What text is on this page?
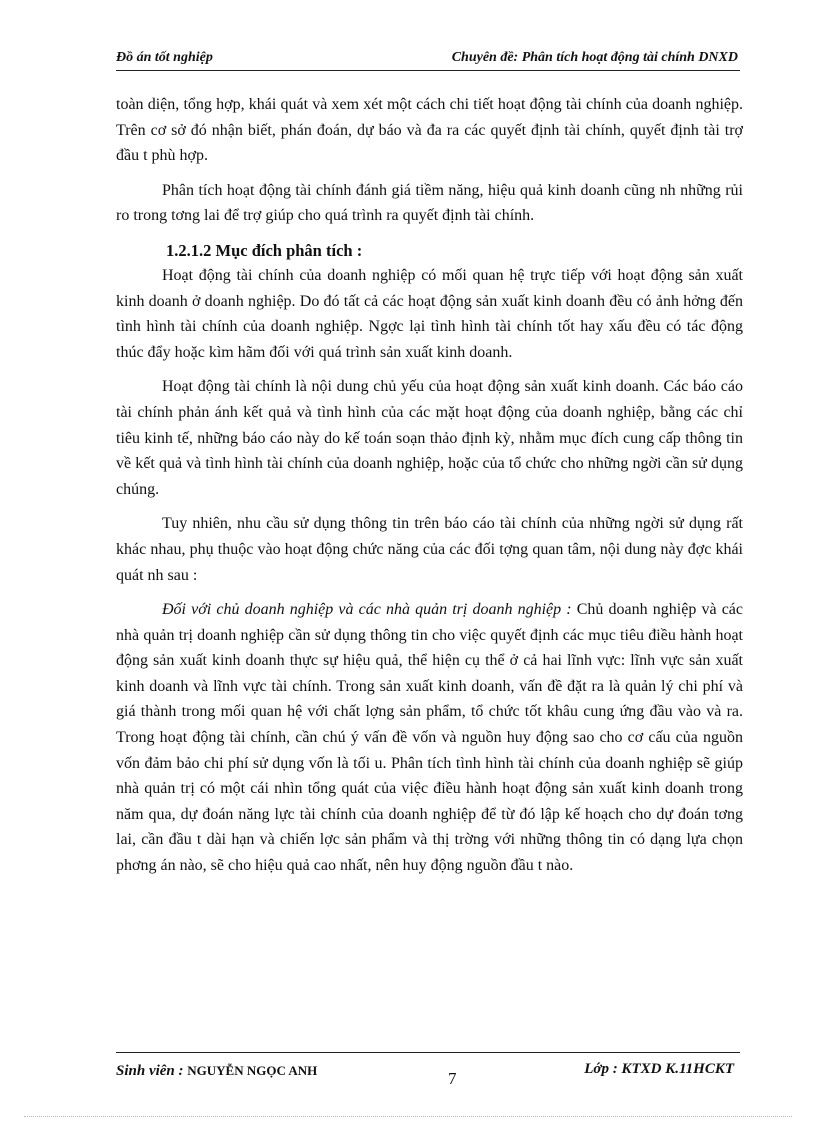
Đồ án tốt nghiệp	Chuyên đề: Phân tích hoạt động tài chính DNXD

toàn diện, tổng hợp, khái quát và xem xét một cách chi tiết hoạt động tài chính của doanh nghiệp. Trên cơ sở đó nhận biết, phán đoán, dự báo và đa ra các quyết định tài chính, quyết định tài trợ đầu t phù hợp.

Phân tích hoạt động tài chính đánh giá tiềm năng, hiệu quả kinh doanh cũng nh những rủi ro trong tơng lai để trợ giúp cho quá trình ra quyết định tài chính.

1.2.1.2 Mục đích phân tích :

Hoạt động tài chính của doanh nghiệp có mối quan hệ trực tiếp với hoạt động sản xuất kinh doanh ở doanh nghiệp. Do đó tất cả các hoạt động sản xuất kinh doanh đều có ảnh hởng đến tình hình tài chính của doanh nghiệp. Ngợc lại tình hình tài chính tốt hay xấu đều có tác động thúc đẩy hoặc kìm hãm đối với quá trình sản xuất kinh doanh.

Hoạt động tài chính là nội dung chủ yếu của hoạt động sản xuất kinh doanh. Các báo cáo tài chính phản ánh kết quả và tình hình của các mặt hoạt động của doanh nghiệp, bằng các chỉ tiêu kinh tế, những báo cáo này do kế toán soạn thảo định kỳ, nhằm mục đích cung cấp thông tin về kết quả và tình hình tài chính của doanh nghiệp, hoặc của tổ chức cho những ngời cần sử dụng chúng.

Tuy nhiên, nhu cầu sử dụng thông tin trên báo cáo tài chính của những ngời sử dụng rất khác nhau, phụ thuộc vào hoạt động chức năng của các đối tợng quan tâm, nội dung này đợc khái quát nh sau :

Đối với chủ doanh nghiệp và các nhà quản trị doanh nghiệp : Chủ doanh nghiệp và các nhà quản trị doanh nghiệp cần sử dụng thông tin cho việc quyết định các mục tiêu điều hành hoạt động sản xuất kinh doanh thực sự hiệu quả, thể hiện cụ thể ở cả hai lĩnh vực: lĩnh vực sản xuất kinh doanh và lĩnh vực tài chính. Trong sản xuất kinh doanh, vấn đề đặt ra là quản lý chi phí và giá thành trong mối quan hệ với chất lợng sản phẩm, tổ chức tốt khâu cung ứng đầu vào và ra. Trong hoạt động tài chính, cần chú ý vấn đề vốn và nguồn huy động sao cho cơ cấu của nguồn vốn đảm bảo chi phí sử dụng vốn là tối u. Phân tích tình hình tài chính của doanh nghiệp sẽ giúp nhà quản trị có một cái nhìn tổng quát của việc điều hành hoạt động sản xuất kinh doanh trong năm qua, dự đoán năng lực tài chính của doanh nghiệp để từ đó lập kế hoạch cho dự đoán tơng lai, cần đầu t dài hạn và chiến lợc sản phẩm và thị trờng với những thông tin có dạng lựa chọn phơng án nào, sẽ cho hiệu quả cao nhất, nên huy động nguồn đầu t nào.

Sinh viên : NGUYỄN NGỌC ANH	7	Lớp : KTXD K.11HCKT
